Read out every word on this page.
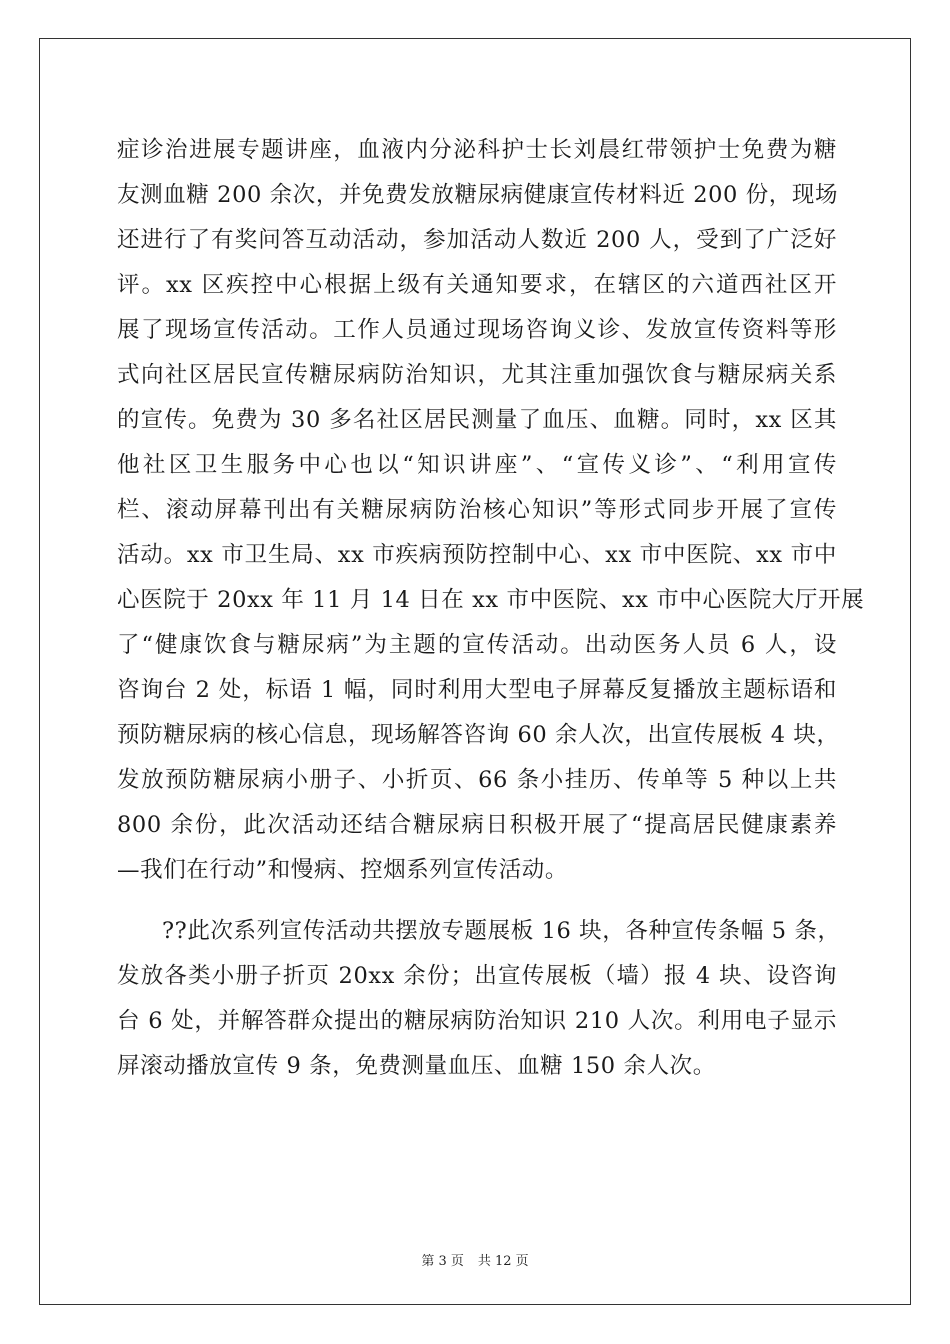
症诊治进展专题讲座，血液内分泌科护士长刘晨红带领护士免费为糖
友测血糖 200 余次，并免费发放糖尿病健康宣传材料近 200 份，现场
还进行了有奖问答互动活动，参加活动人数近 200 人，受到了广泛好
评。xx 区疾控中心根据上级有关通知要求，在辖区的六道西社区开
展了现场宣传活动。工作人员通过现场咨询义诊、发放宣传资料等形
式向社区居民宣传糖尿病防治知识，尤其注重加强饮食与糖尿病关系
的宣传。免费为 30 多名社区居民测量了血压、血糖。同时，xx 区其
他社区卫生服务中心也以“知识讲座”、“宣传义诊”、“利用宣传
栏、滚动屏幕刊出有关糖尿病防治核心知识”等形式同步开展了宣传
活动。xx 市卫生局、xx 市疾病预防控制中心、xx 市中医院、xx 市中
心医院于 20xx 年 11 月 14 日在 xx 市中医院、xx 市中心医院大厅开展
了“健康饮食与糖尿病”为主题的宣传活动。出动医务人员 6 人，设
咨询台 2 处，标语 1 幅，同时利用大型电子屏幕反复播放主题标语和
预防糖尿病的核心信息，现场解答咨询 60 余人次，出宣传展板 4 块，
发放预防糖尿病小册子、小折页、66 条小挂历、传单等 5 种以上共
800 余份，此次活动还结合糖尿病日积极开展了“提高居民健康素养
—我们在行动”和慢病、控烟系列宣传活动。
??此次系列宣传活动共摆放专题展板 16 块，各种宣传条幅 5 条，
发放各类小册子折页 20xx 余份；出宣传展板（墙）报 4 块、设咨询
台 6 处，并解答群众提出的糖尿病防治知识 210 人次。利用电子显示
屏滚动播放宣传 9 条，免费测量血压、血糖 150 余人次。
第 3 页 共 12 页
